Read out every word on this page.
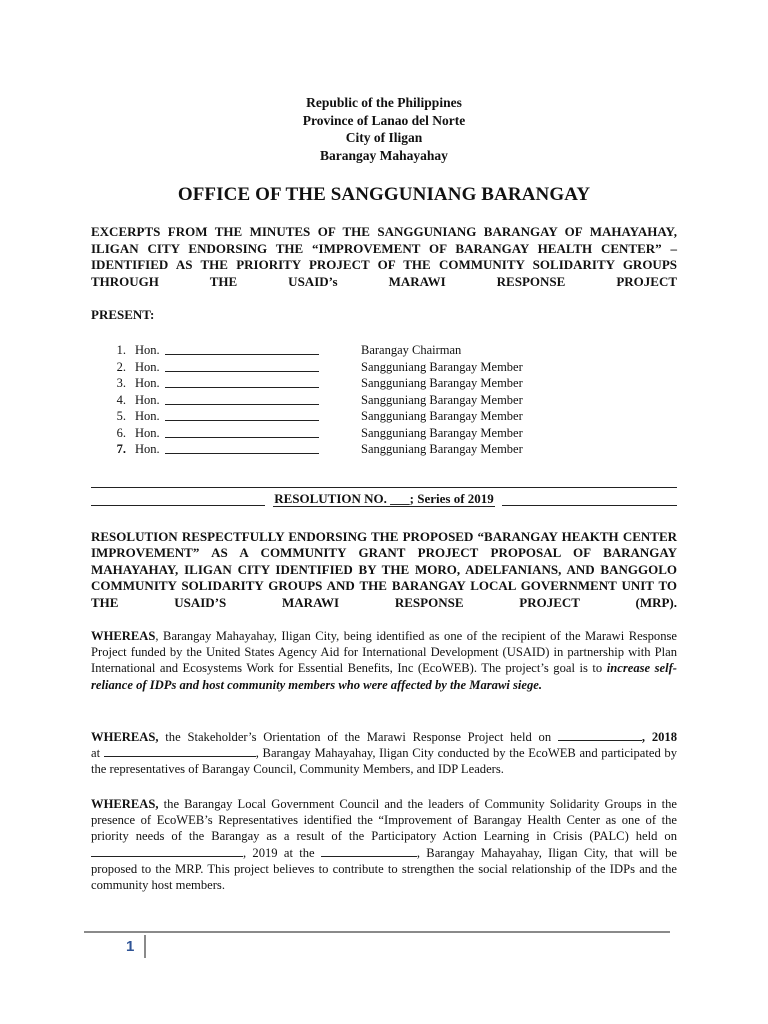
Republic of the Philippines
Province of Lanao del Norte
City of Iligan
Barangay Mahayahay
OFFICE OF THE SANGGUNIANG BARANGAY
EXCERPTS FROM THE MINUTES OF THE SANGGUNIANG BARANGAY OF MAHAYAHAY, ILIGAN CITY ENDORSING THE “IMPROVEMENT OF BARANGAY HEALTH CENTER” – IDENTIFIED AS THE PRIORITY PROJECT OF THE COMMUNITY SOLIDARITY GROUPS THROUGH THE USAID’s MARAWI RESPONSE PROJECT
PRESENT:
1. Hon.	Barangay Chairman
2. Hon.	Sangguniang Barangay Member
3. Hon.	Sangguniang Barangay Member
4. Hon.	Sangguniang Barangay Member
5. Hon.	Sangguniang Barangay Member
6. Hon.	Sangguniang Barangay Member
7. Hon.	Sangguniang Barangay Member
RESOLUTION NO. ___; Series of 2019
RESOLUTION RESPECTFULLY ENDORSING THE PROPOSED “BARANGAY HEAKTH CENTER IMPROVEMENT” AS A COMMUNITY GRANT PROJECT PROPOSAL OF BARANGAY MAHAYAHAY, ILIGAN CITY IDENTIFIED BY THE MORO, ADELFANIANS, AND BANGGOLO COMMUNITY SOLIDARITY GROUPS AND THE BARANGAY LOCAL GOVERNMENT UNIT TO THE USAID’S MARAWI RESPONSE PROJECT (MRP).
WHEREAS, Barangay Mahayahay, Iligan City, being identified as one of the recipient of the Marawi Response Project funded by the United States Agency Aid for International Development (USAID) in partnership with Plan International and Ecosystems Work for Essential Benefits, Inc (EcoWEB). The project’s goal is to increase self-reliance of IDPs and host community members who were affected by the Marawi siege.
WHEREAS, the Stakeholder’s Orientation of the Marawi Response Project held on	, 2018
at	, Barangay Mahayahay, Iligan City conducted by the EcoWEB and participated by the representatives of Barangay Council, Community Members, and IDP Leaders.
WHEREAS, the Barangay Local Government Council and the leaders of Community Solidarity Groups in the presence of EcoWEB’s Representatives identified the “Improvement of Barangay Health Center as one of the priority needs of the Barangay as a result of the Participatory Action Learning in Crisis (PALC) held on , 2019 at the	, Barangay Mahayahay, Iligan City, that will be proposed to the MRP. This project believes to contribute to strengthen the social relationship of the IDPs and the community host members.
1
